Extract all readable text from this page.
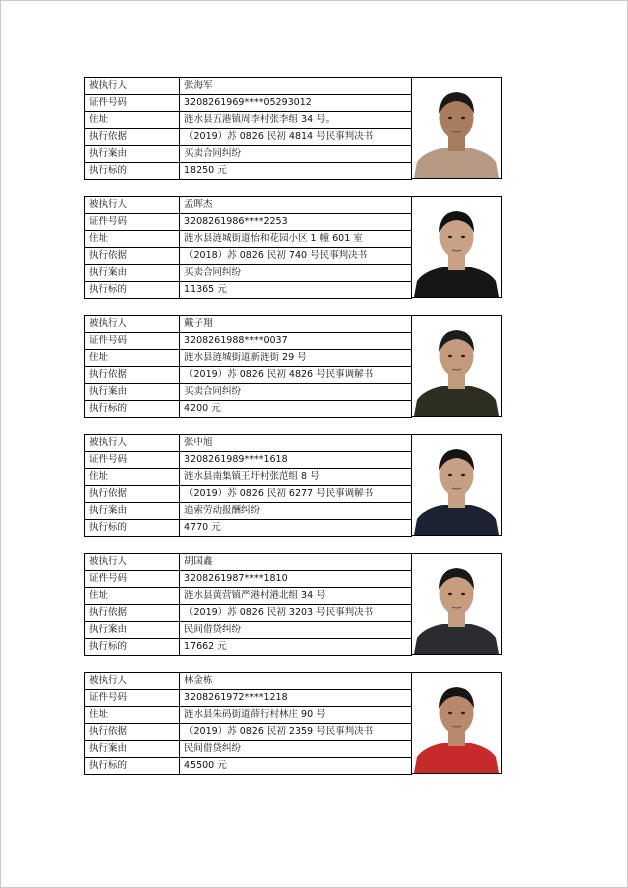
被执行人	张海军
证件号码	3208261969****05293012
住址	涟水县五港镇周李村张李组 34 号。
执行依据	（2019）苏 0826 民初 4814 号民事判决书
执行案由	买卖合同纠纷
执行标的	18250 元
被执行人	孟晖杰
证件号码	3208261986****2253
住址	涟水县涟城街道怡和花园小区 1 幢 601 室
执行依据	（2018）苏 0826 民初 740 号民事判决书
执行案由	买卖合同纠纷
执行标的	11365 元
被执行人	戴子翔
证件号码	3208261988****0037
住址	涟水县涟城街道新涟街 29 号
执行依据	（2019）苏 0826 民初 4826 号民事调解书
执行案由	买卖合同纠纷
执行标的	4200 元
被执行人	张中旭
证件号码	3208261989****1618
住址	涟水县南集镇王圩村张范组 8 号
执行依据	（2019）苏 0826 民初 6277 号民事调解书
执行案由	追索劳动报酬纠纷
执行标的	4770 元
被执行人	胡国鑫
证件号码	3208261987****1810
住址	涟水县黄营镇严港村港北组 34 号
执行依据	（2019）苏 0826 民初 3203 号民事判决书
执行案由	民间借贷纠纷
执行标的	17662 元
被执行人	林金栋
证件号码	3208261972****1218
住址	涟水县朱码街道薛行村林庄 90 号
执行依据	（2019）苏 0826 民初 2359 号民事判决书
执行案由	民间借贷纠纷
执行标的	45500 元
